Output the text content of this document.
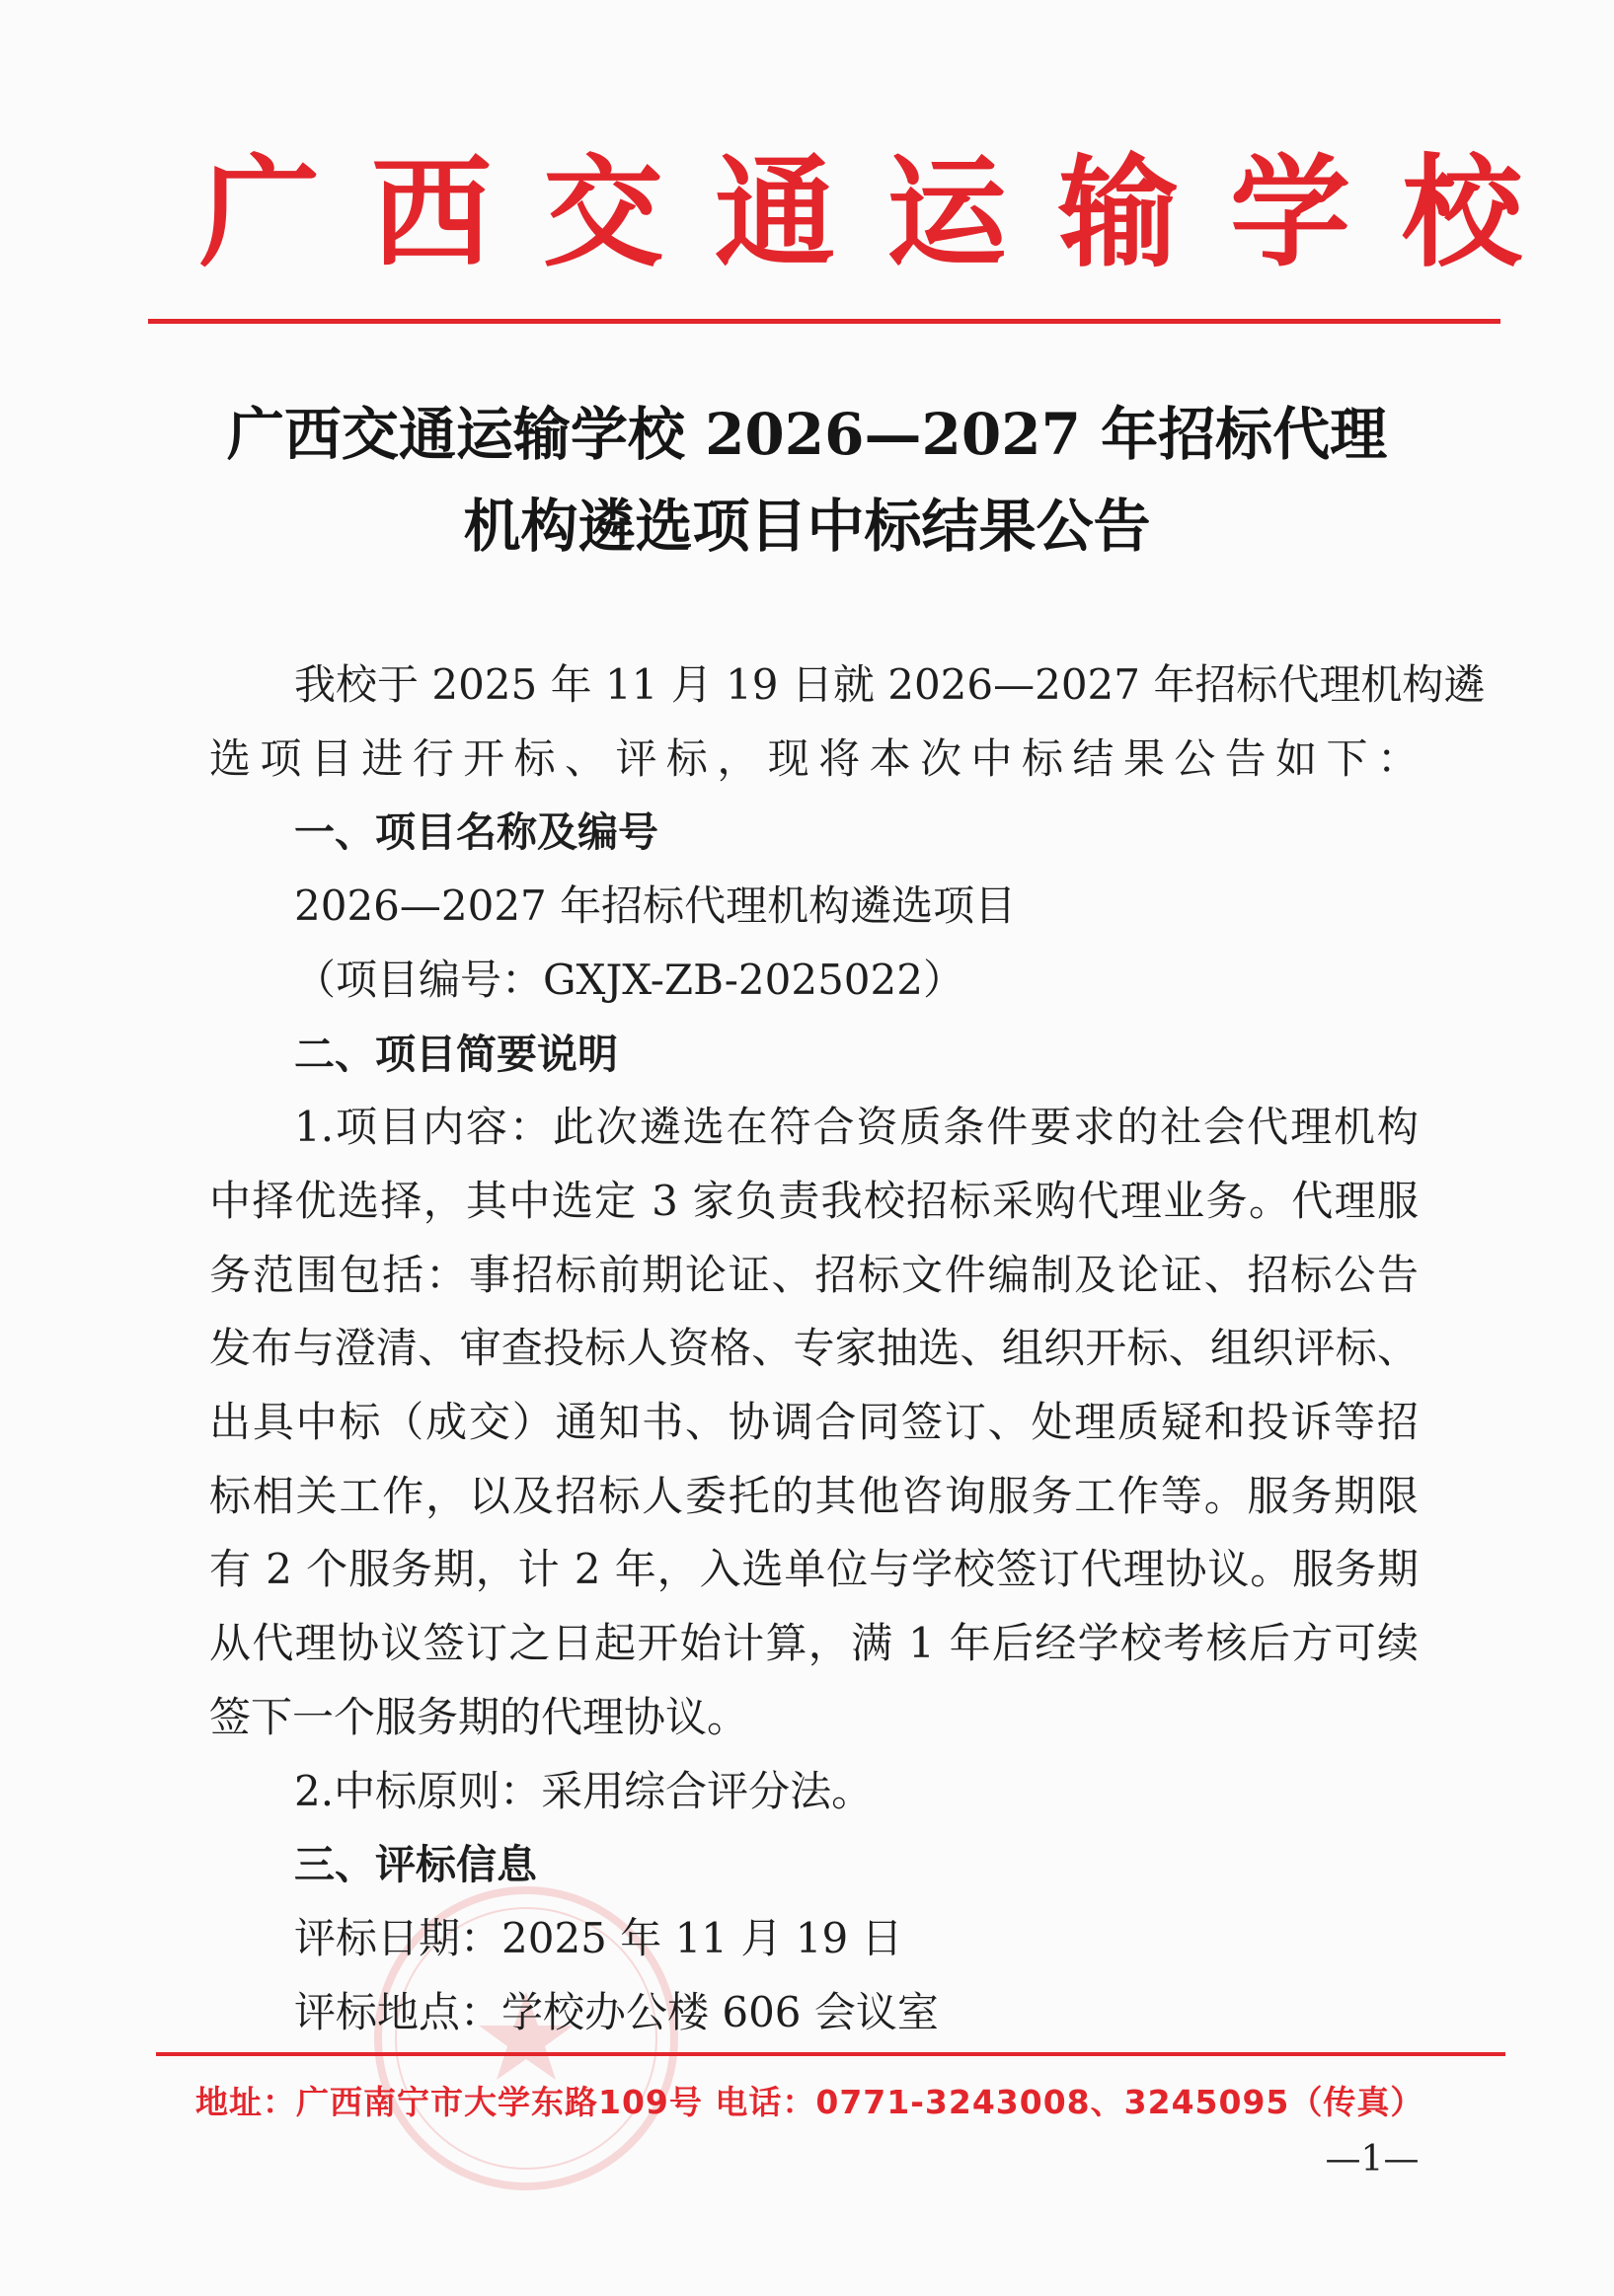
广西交通运输学校
广西交通运输学校 2026—2027 年招标代理
机构遴选项目中标结果公告
我校于 2025 年 11 月 19 日就 2026—2027 年招标代理机构遴
选项目进行开标、评标，现将本次中标结果公告如下：
一、项目名称及编号
2026—2027 年招标代理机构遴选项目
（项目编号：GXJX-ZB-2025022）
二、项目简要说明
1.项目内容：此次遴选在符合资质条件要求的社会代理机构
中择优选择，其中选定 3 家负责我校招标采购代理业务。代理服
务范围包括：事招标前期论证、招标文件编制及论证、招标公告
发布与澄清、审查投标人资格、专家抽选、组织开标、组织评标、
出具中标（成交）通知书、协调合同签订、处理质疑和投诉等招
标相关工作，以及招标人委托的其他咨询服务工作等。服务期限
有 2 个服务期，计 2 年，入选单位与学校签订代理协议。服务期
从代理协议签订之日起开始计算，满 1 年后经学校考核后方可续
签下一个服务期的代理协议。
2.中标原则：采用综合评分法。
三、评标信息
评标日期：2025 年 11 月 19 日
评标地点：学校办公楼 606 会议室
地址：广西南宁市大学东路109号 电话：0771-3243008、3245095（传真）
—1—
